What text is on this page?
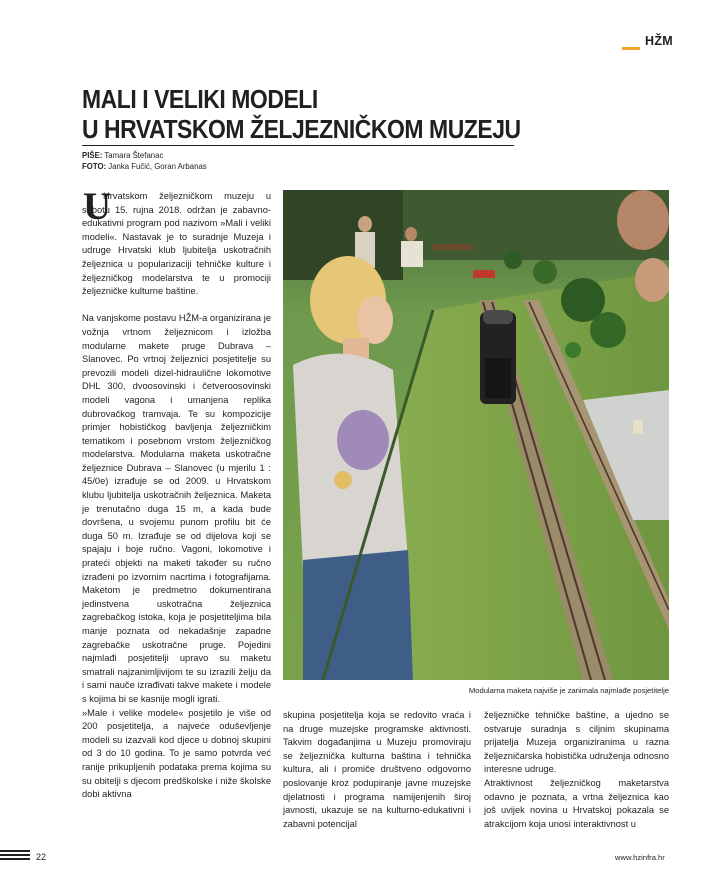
HŽM
MALI I VELIKI MODELI
U HRVATSKOM ŽELJEZNIČKOM MUZEJU
PIŠE: Tamara Štefanac
FOTO: Janka Fučić, Goran Arbanas
U

Hrvatskom željezničkom muzeju u subotu 15. rujna 2018. održan je zabavno-edukativni program pod nazivom »Mali i veliki modeli«. Nastavak je to suradnje Muzeja i udruge Hrvatski klub ljubitelja uskotračnih željeznica u popularizaciji tehničke kulture i željezničkog modelarstva te u promociji željezničke kulturne baštine.

Na vanjskome postavu HŽM-a organizirana je vožnja vrtnom željeznicom i izložba modularne makete pruge Dubrava – Slanovec. Po vrtnoj željeznici posjetitelje su prevozili modeli dizel-hidraulične lokomotive DHL 300, dvoosovinski i četveroosovinski modeli vagona i umanjena replika dubrovačkog tramvaja. Te su kompozicije primjer hobističkog bavljenja željezničkim tematikom i posebnom vrstom željezničkog modelarstva. Modularna maketa uskotračne željeznice Dubrava – Slanovec (u mjerilu 1 : 45/0e) izrađuje se od 2009. u Hrvatskom klubu ljubitelja uskotračnih željeznica. Maketa je trenutačno duga 15 m, a kada bude dovršena, u svojemu punom profilu bit će duga 50 m. Izrađuje se od dijelova koji se spajaju i boje ručno. Vagoni, lokomotive i prateći objekti na maketi također su ručno izrađeni po izvornim nacrtima i fotografijama. Maketom je predmetno dokumentirana jedinstvena uskotračna željeznica zagrebačkog istoka, koja je posjetiteljima bila manje poznata od nekadašnje zapadne zagrebačke uskotračne pruge. Pojedini najmlađi posjetitelji upravo su maketu smatrali najzanimljivijom te su izrazili želju da i sami nauče izrađivati takve makete i modele s kojima bi se kasnije mogli igrati.

»Male i velike modele« posjetilo je više od 200 posjetitelja, a najveće oduševljenje modeli su izazvali kod djece u dobnoj skupini od 3 do 10 godina. To je samo potvrda već ranije prikupljenih podataka prema kojima su su obitelji s djecom predškolske i niže školske dobi aktivna

Modularna maketa najviše je zanimala najmlađe posjetitelje

skupina posjetitelja koja se redovito vraća i na druge muzejske programske aktivnosti. Takvim događanjima u Muzeju promoviraju se željeznička kulturna baština i tehnička kultura, ali i promiče društveno odgovorno poslovanje kroz podupiranje javne muzejske djelatnosti i programa namijenjenih široj javnosti, ukazuje se na kulturno-edukativni i zabavni potencijal

željezničke tehničke baštine, a ujedno se ostvaruje suradnja s ciljnim skupinama prijatelja Muzeja organiziranima u razna željezničarska hobistička udruženja odnosno interesne udruge.

Atraktivnost željezničkog maketarstva odavno je poznata, a vrtna željeznica kao još uvijek novina u Hrvatskoj pokazala se atrakcijom koja unosi interaktivnost u

22	www.hzinfra.hr
